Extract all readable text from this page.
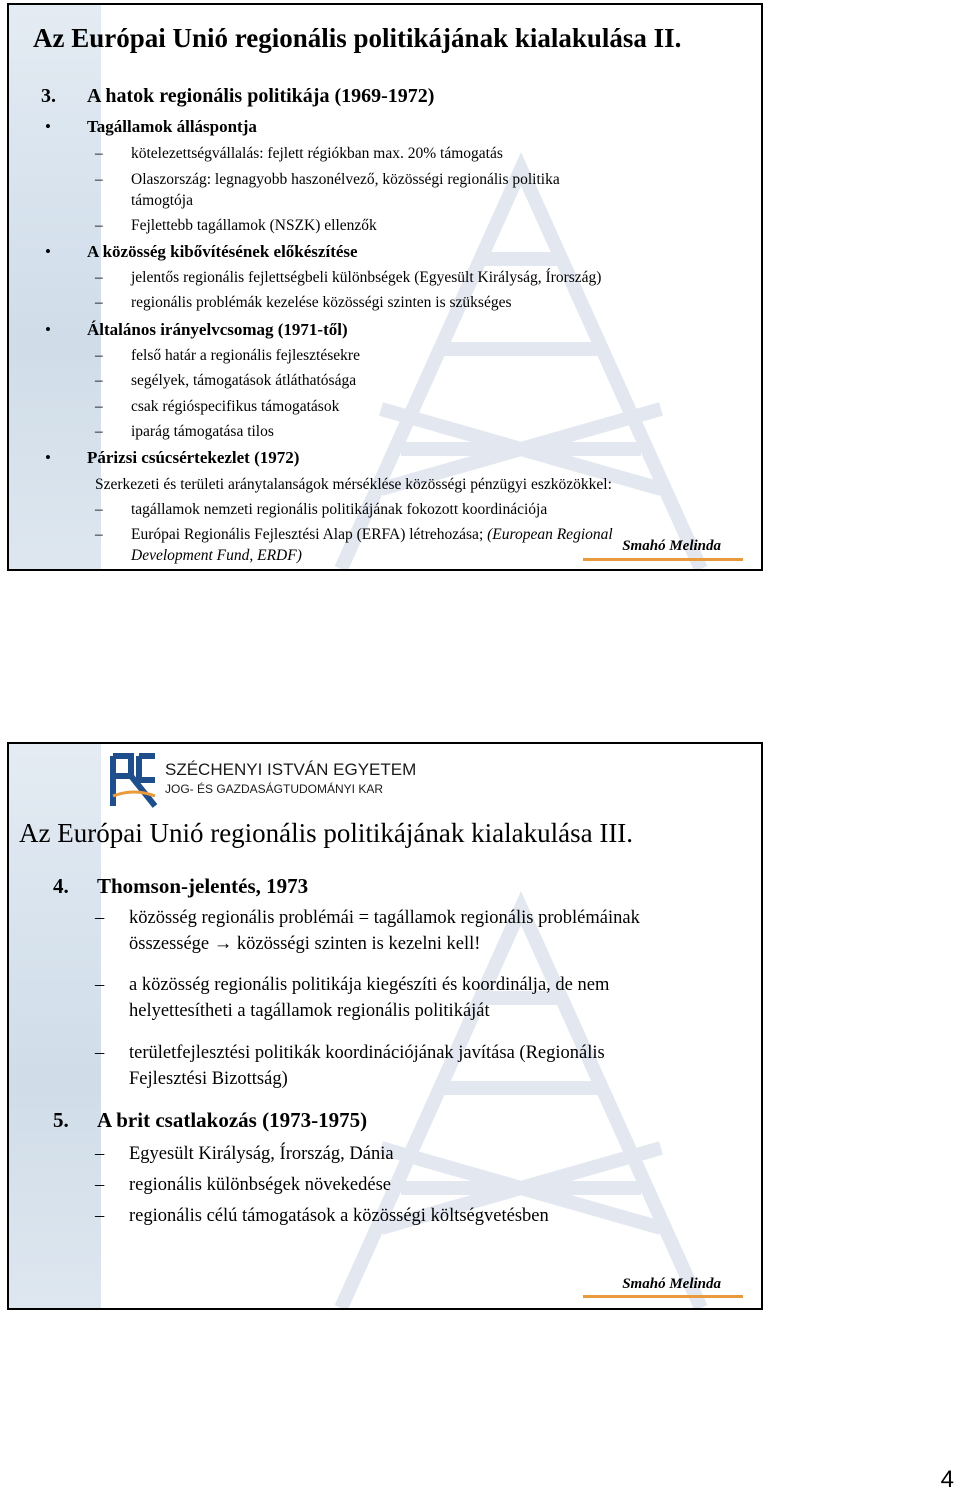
Az Európai Unió regionális politikájának kialakulása II.
3. A hatok regionális politikája (1969-1972)
• Tagállamok álláspontja
– kötelezettségvállalás: fejlett régiókban max. 20% támogatás
– Olaszország: legnagyobb haszonélvező, közösségi regionális politika
támogtója
– Fejlettebb tagállamok (NSZK) ellenzők
• A közösség kibővítésének előkészítése
– jelentős regionális fejlettségbeli különbségek (Egyesült Királyság, Írország)
– regionális problémák kezelése közösségi szinten is szükséges
• Általános irányelvcsomag (1971-től)
– felső határ a regionális fejlesztésekre
– segélyek, támogatások átláthatósága
– csak régióspecifikus támogatások
– iparág támogatása tilos
• Párizsi csúcsértekezlet (1972)
Szerkezeti és területi aránytalanságok mérséklése közösségi pénzügyi eszközökkel:
– tagállamok nemzeti regionális politikájának fokozott koordinációja
– Európai Regionális Fejlesztési Alap (ERFA) létrehozása; (European Regional
Development Fund, ERDF)
Smahó Melinda
SZÉCHENYI ISTVÁN EGYETEM
JOG- ÉS GAZDASÁGTUDOMÁNYI KAR
Az Európai Unió regionális politikájának kialakulása III.
4. Thomson-jelentés, 1973
– közösség regionális problémái = tagállamok regionális problémáinak
összessége → közösségi szinten is kezelni kell!
– a közösség regionális politikája kiegészíti és koordinálja, de nem
helyettesítheti a tagállamok regionális politikáját
– területfejlesztési politikák koordinációjának javítása (Regionális
Fejlesztési Bizottság)
5. A brit csatlakozás (1973-1975)
– Egyesült Királyság, Írország, Dánia
– regionális különbségek növekedése
– regionális célú támogatások a közösségi költségvetésben
Smahó Melinda
4
